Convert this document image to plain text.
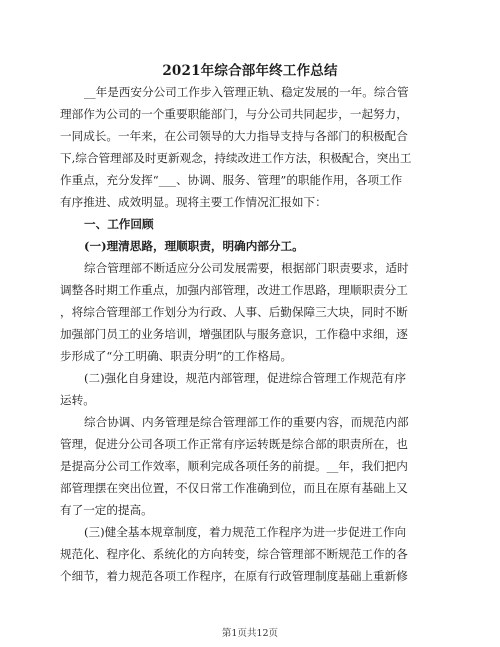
2021年综合部年终工作总结
__年是西安分公司工作步入管理正轨、稳定发展的一年。综合管
理部作为公司的一个重要职能部门，与分公司共同起步，一起努力，
一同成长。一年来，在公司领导的大力指导支持与各部门的积极配合
下,综合管理部及时更新观念，持续改进工作方法，积极配合，突出工
作重点，充分发挥“___、协调、服务、管理”的职能作用，各项工作
有序推进、成效明显。现将主要工作情况汇报如下：
一、工作回顾
(一)理清思路，理顺职责，明确内部分工。
综合管理部不断适应分公司发展需要，根据部门职责要求，适时
调整各时期工作重点，加强内部管理，改进工作思路，理顺职责分工
，将综合管理部工作划分为行政、人事、后勤保障三大块，同时不断
加强部门员工的业务培训，增强团队与服务意识，工作稳中求细，逐
步形成了“分工明确、职责分明”的工作格局。
(二)强化自身建设，规范内部管理，促进综合管理工作规范有序
运转。
综合协调、内务管理是综合管理部工作的重要内容，而规范内部
管理，促进分公司各项工作正常有序运转既是综合部的职责所在，也
是提高分公司工作效率，顺利完成各项任务的前提。__年，我们把内
部管理摆在突出位置，不仅日常工作准确到位，而且在原有基础上又
有了一定的提高。
(三)健全基本规章制度，着力规范工作程序为进一步促进工作向
规范化、程序化、系统化的方向转变，综合管理部不断规范工作的各
个细节，着力规范各项工作程序，在原有行政管理制度基础上重新修
第1页共12页
